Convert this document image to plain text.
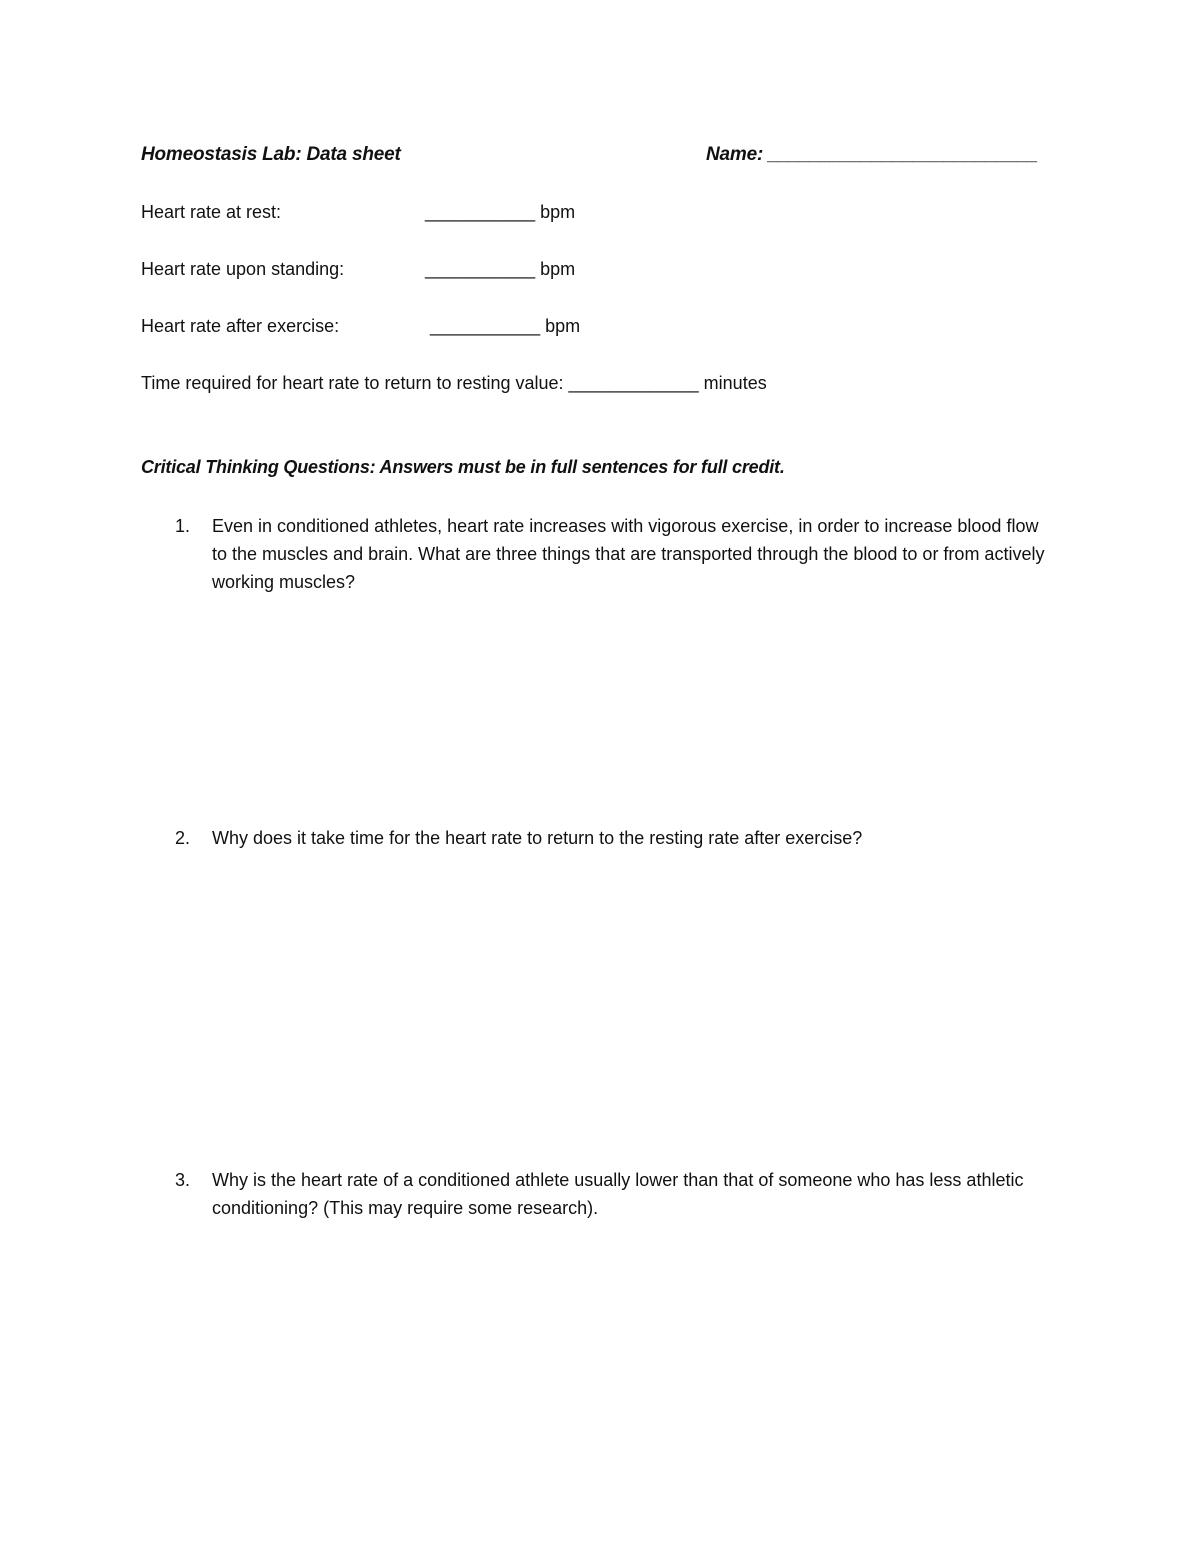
Homeostasis Lab: Data sheet	Name: __________________________
Heart rate at rest:	___________ bpm
Heart rate upon standing:	___________ bpm
Heart rate after exercise:	___________ bpm
Time required for heart rate to return to resting value: _____________ minutes
Critical Thinking Questions: Answers must be in full sentences for full credit.
1. Even in conditioned athletes, heart rate increases with vigorous exercise, in order to increase blood flow to the muscles and brain. What are three things that are transported through the blood to or from actively working muscles?
2. Why does it take time for the heart rate to return to the resting rate after exercise?
3. Why is the heart rate of a conditioned athlete usually lower than that of someone who has less athletic conditioning? (This may require some research).
